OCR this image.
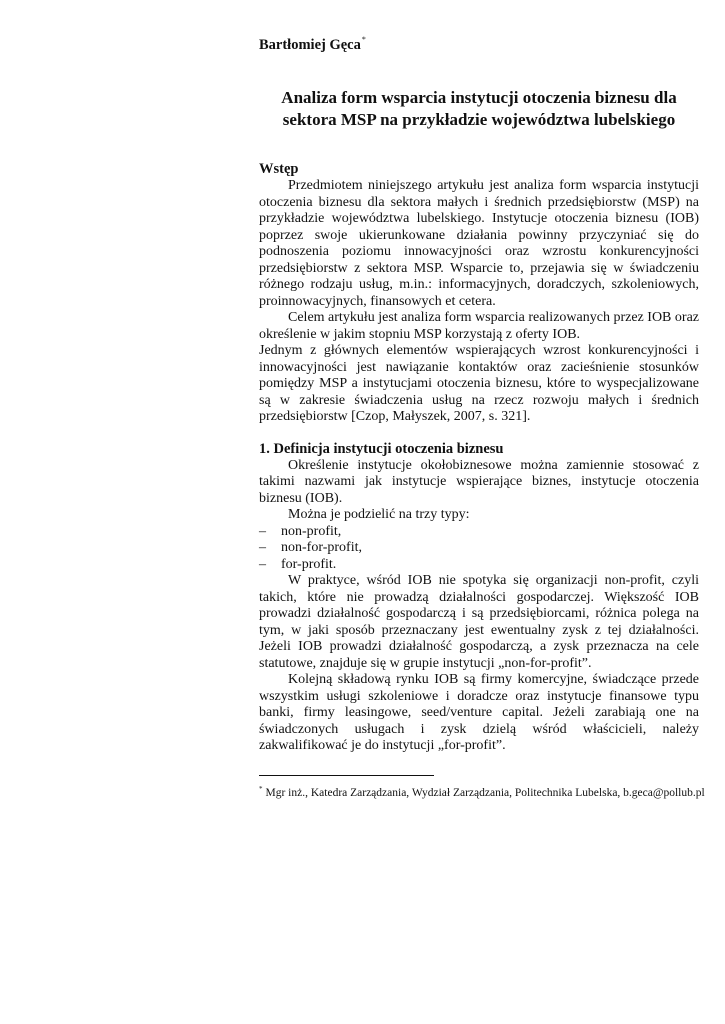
Bartłomiej Gęca*
Analiza form wsparcia instytucji otoczenia biznesu dla sektora MSP na przykładzie województwa lubelskiego
Wstęp

Przedmiotem niniejszego artykułu jest analiza form wsparcia instytucji otoczenia biznesu dla sektora małych i średnich przedsiębiorstw (MSP) na przykładzie województwa lubelskiego. Instytucje otoczenia biznesu (IOB) poprzez swoje ukierunkowane działania powinny przyczyniać się do podnoszenia poziomu innowacyjności oraz wzrostu konkurencyjności przedsiębiorstw z sektora MSP. Wsparcie to, przejawia się w świadczeniu różnego rodzaju usług, m.in.: informacyjnych, doradczych, szkoleniowych, proinnowacyjnych, finansowych et cetera.

Celem artykułu jest analiza form wsparcia realizowanych przez IOB oraz określenie w jakim stopniu MSP korzystają z oferty IOB.

Jednym z głównych elementów wspierających wzrost konkurencyjności i innowacyjności jest nawiązanie kontaktów oraz zacieśnienie stosunków pomiędzy MSP a instytucjami otoczenia biznesu, które to wyspecjalizowane są w zakresie świadczenia usług na rzecz rozwoju małych i średnich przedsiębiorstw [Czop, Małyszek, 2007, s. 321].

1. Definicja instytucji otoczenia biznesu

Określenie instytucje okołobiznesowe można zamiennie stosować z takimi nazwami jak instytucje wspierające biznes, instytucje otoczenia biznesu (IOB).

Można je podzielić na trzy typy:

– non-profit,
– non-for-profit,
– for-profit.

W praktyce, wśród IOB nie spotyka się organizacji non-profit, czyli takich, które nie prowadzą działalności gospodarczej. Większość IOB prowadzi działalność gospodarczą i są przedsiębiorcami, różnica polega na tym, w jaki sposób przeznaczany jest ewentualny zysk z tej działalności. Jeżeli IOB prowadzi działalność gospodarczą, a zysk przeznacza na cele statutowe, znajduje się w grupie instytucji „non-for-profit”.

Kolejną składową rynku IOB są firmy komercyjne, świadczące przede wszystkim usługi szkoleniowe i doradcze oraz instytucje finansowe typu banki, firmy leasingowe, seed/venture capital. Jeżeli zarabiają one na świadczonych usługach i zysk dzielą wśród właścicieli, należy zakwalifikować je do instytucji „for-profit”.

* Mgr inż., Katedra Zarządzania, Wydział Zarządzania, Politechnika Lubelska, b.geca@pollub.pl
